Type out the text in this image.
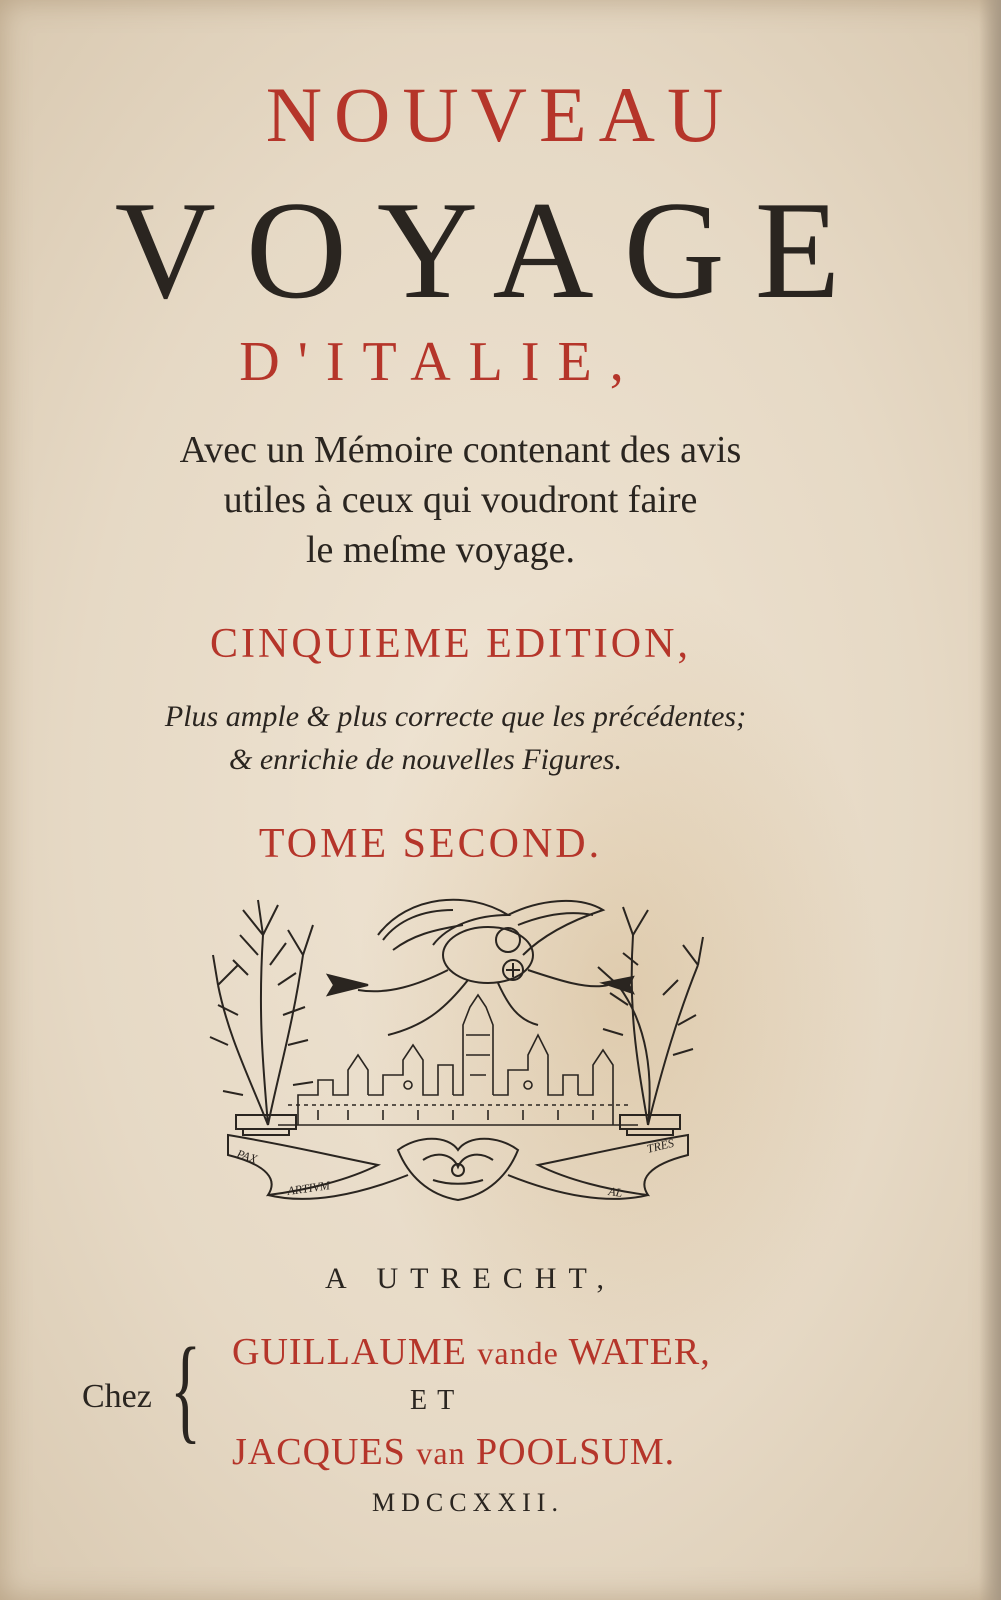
NOUVEAU
VOYAGE
D'ITALIE,
Avec un Mémoire contenant des avis
utiles à ceux qui voudront faire
le meſme voyage.
CINQUIEME EDITION,
Plus ample & plus correcte que les précédentes;
& enrichie de nouvelles Figures.
TOME SECOND.
PAX
ARTIVM
TRES
AL
A UTRECHT,
Chez { GUILLAUME vande WATER,
ET
JACQUES van POOLSUM.
MDCCXXII.
